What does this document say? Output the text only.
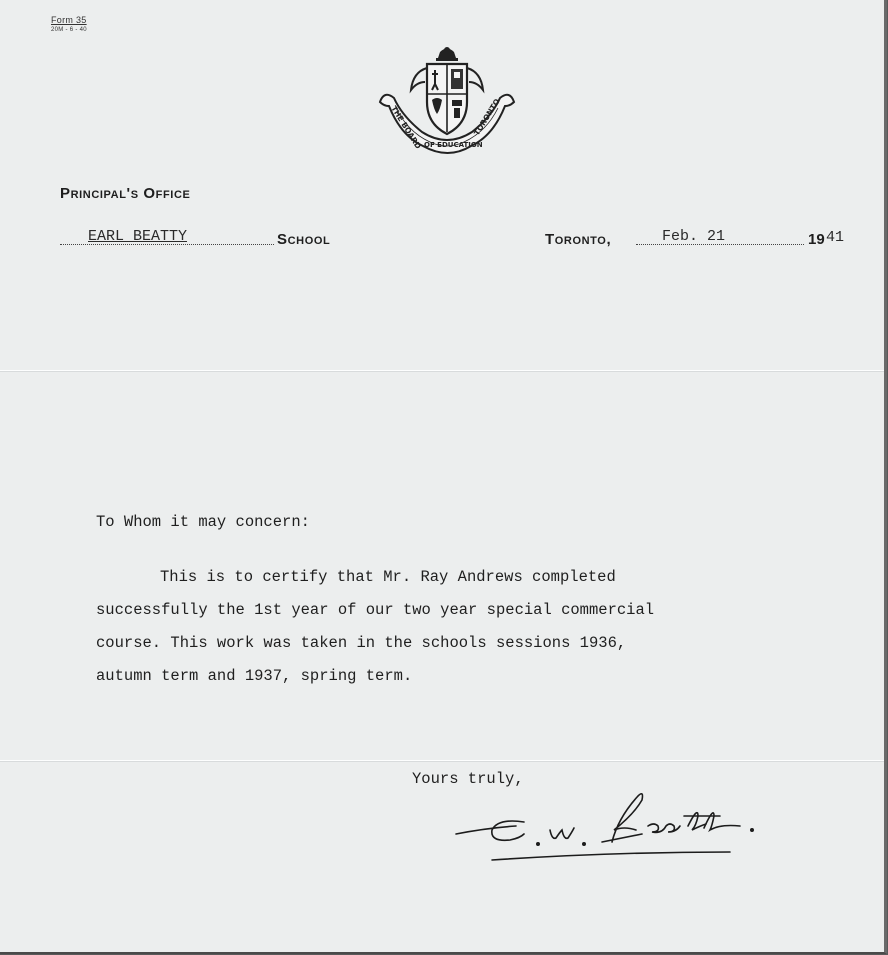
Form 35
20M - 6 - 40
THE BOARD OF EDUCATION
TORONTO
Principal's Office
EARL BEATTY	School	Toronto,	Feb. 21	19 41
To Whom it may concern:
This is to certify that Mr. Ray Andrews completed
successfully the 1st year of our two year special commercial
course. This work was taken in the schools sessions 1936,
autumn term and 1937, spring term.
Yours truly,
